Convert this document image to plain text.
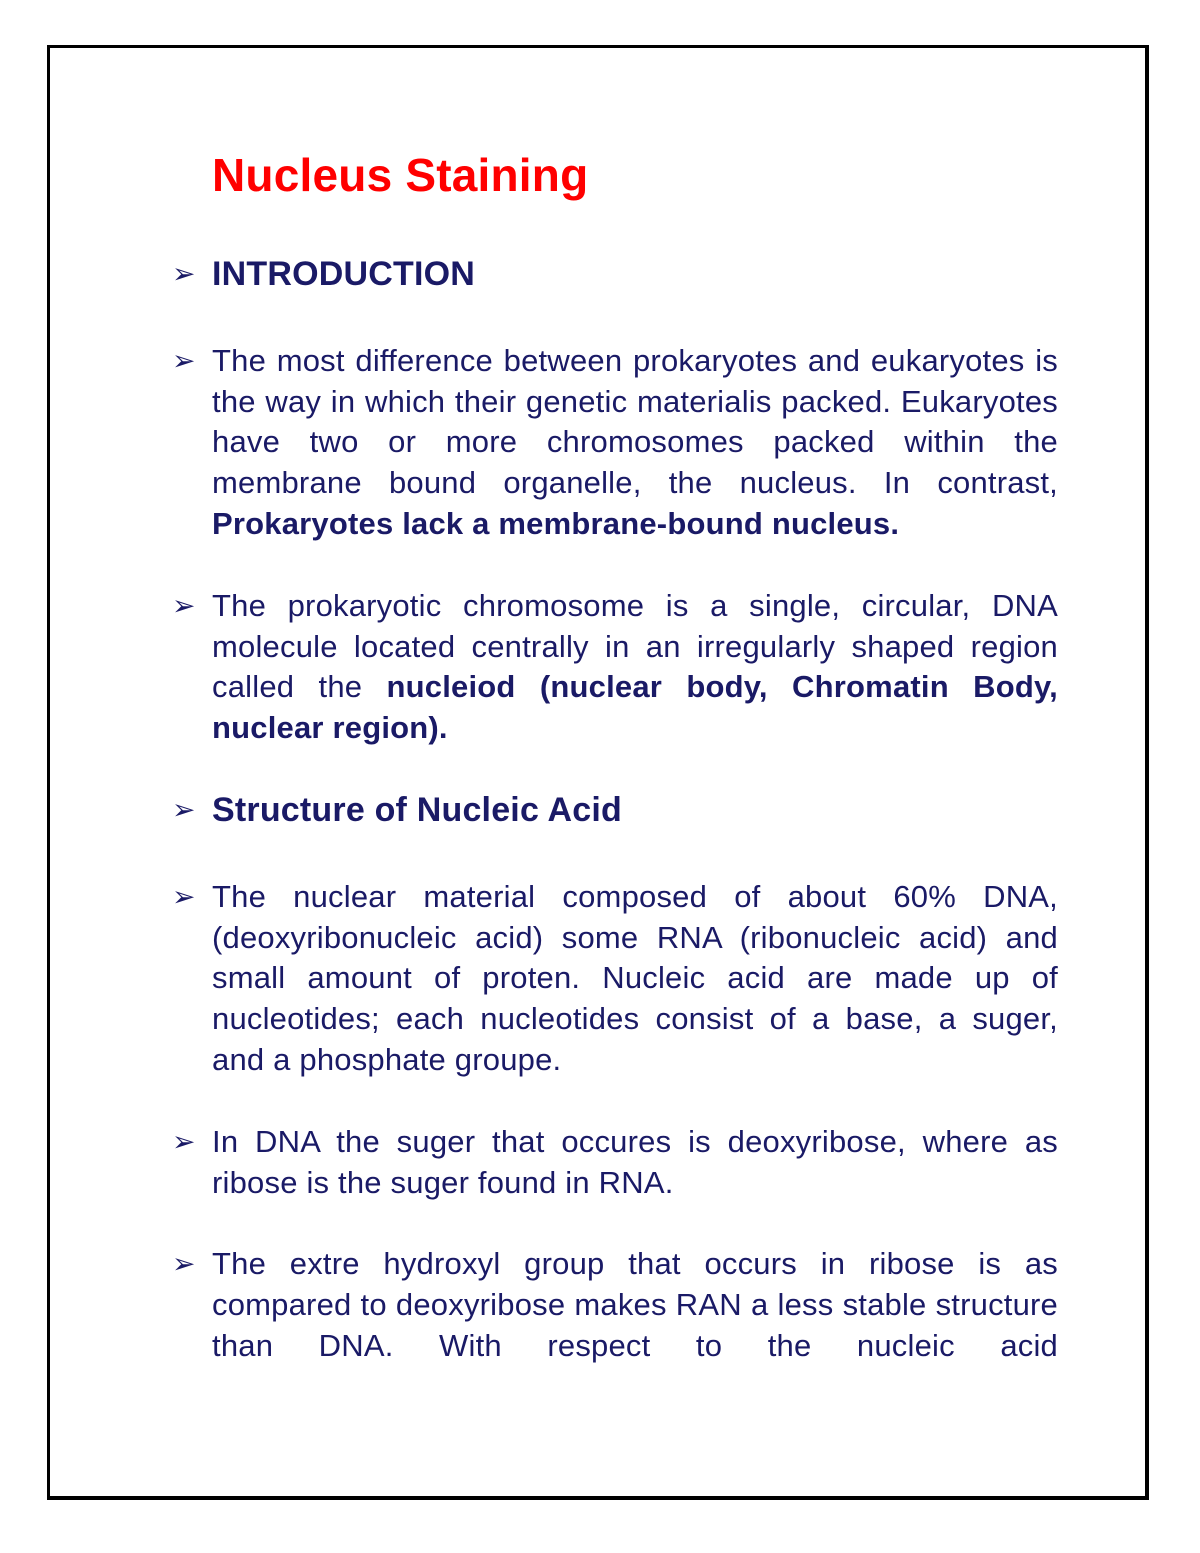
Nucleus Staining
➢ INTRODUCTION
➢ The most difference between prokaryotes and eukaryotes is the way in which their genetic materialis packed. Eukaryotes have two or more chromosomes packed within the membrane bound organelle, the nucleus. In contrast, Prokaryotes lack a membrane-bound nucleus.
➢ The prokaryotic chromosome is a single, circular, DNA molecule located centrally in an irregularly shaped region called the nucleiod (nuclear body, Chromatin Body, nuclear region).
➢ Structure of Nucleic Acid
➢ The nuclear material composed of about 60% DNA, (deoxyribonucleic acid) some RNA (ribonucleic acid) and small amount of proten. Nucleic acid are made up of nucleotides; each nucleotides consist of a base, a suger, and a phosphate groupe.
➢ In DNA the suger that occures is deoxyribose, where as ribose is the suger found in RNA.
➢ The extre hydroxyl group that occurs in ribose is as compared to deoxyribose makes RAN a less stable structure than DNA. With respect to the nucleic acid
